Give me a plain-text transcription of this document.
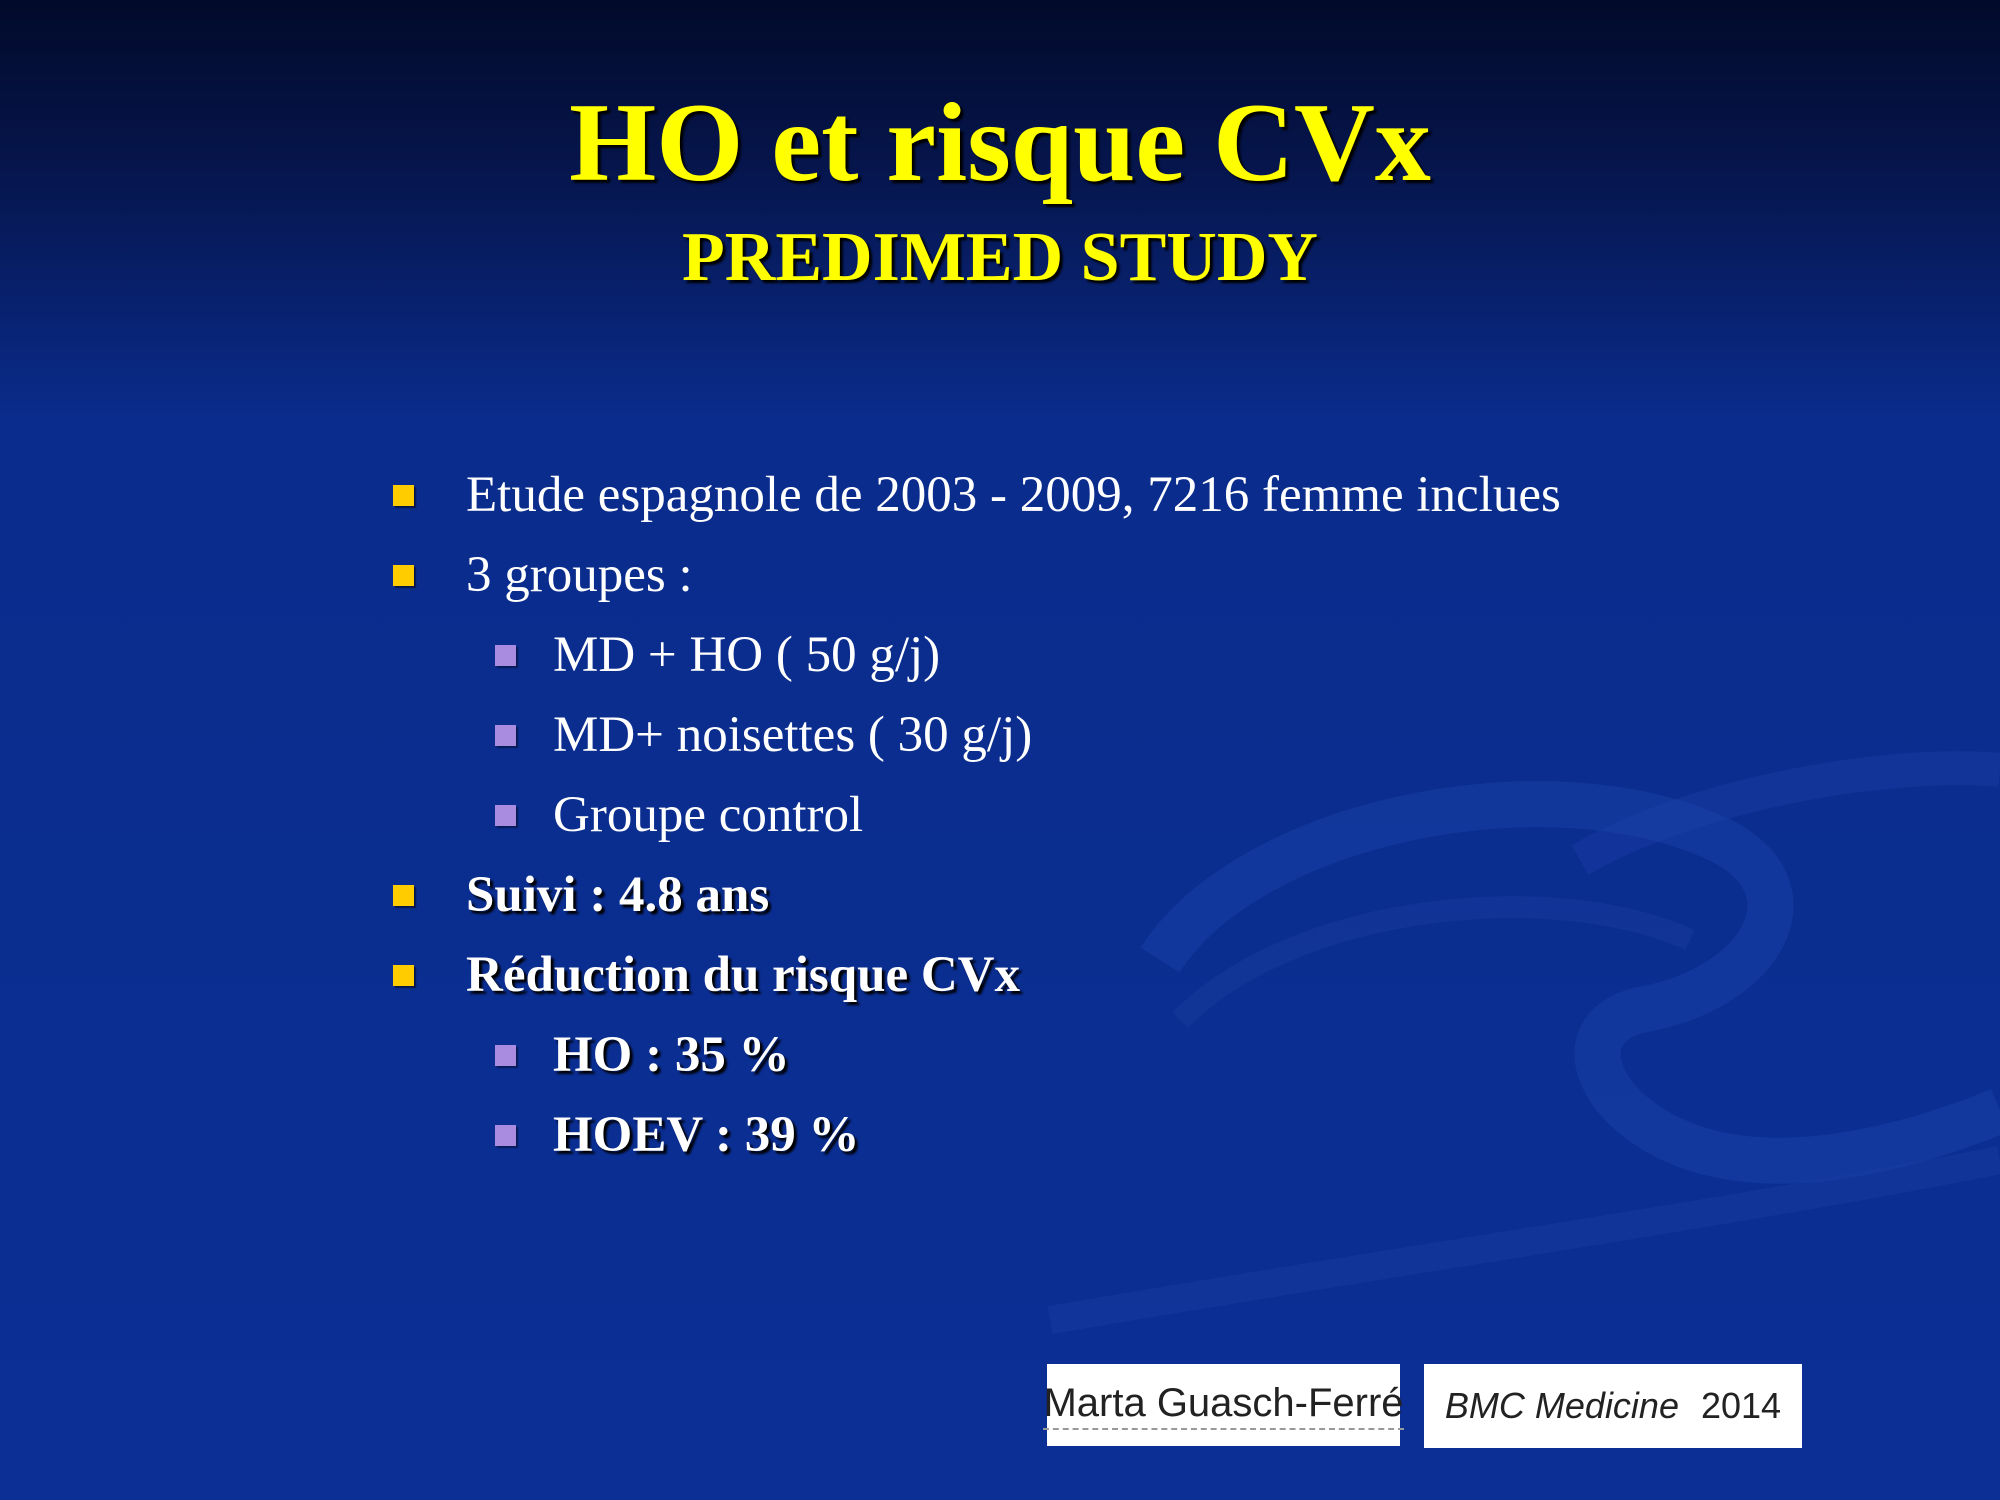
HO et risque CVx
PREDIMED STUDY
Etude espagnole de 2003 - 2009, 7216 femme inclues
3 groupes :
MD + HO ( 50 g/j)
MD+ noisettes ( 30 g/j)
Groupe control
Suivi : 4.8 ans
Réduction du risque CVx
HO : 35 %
HOEV : 39 %
Marta Guasch-Ferré BMC Medicine 2014
